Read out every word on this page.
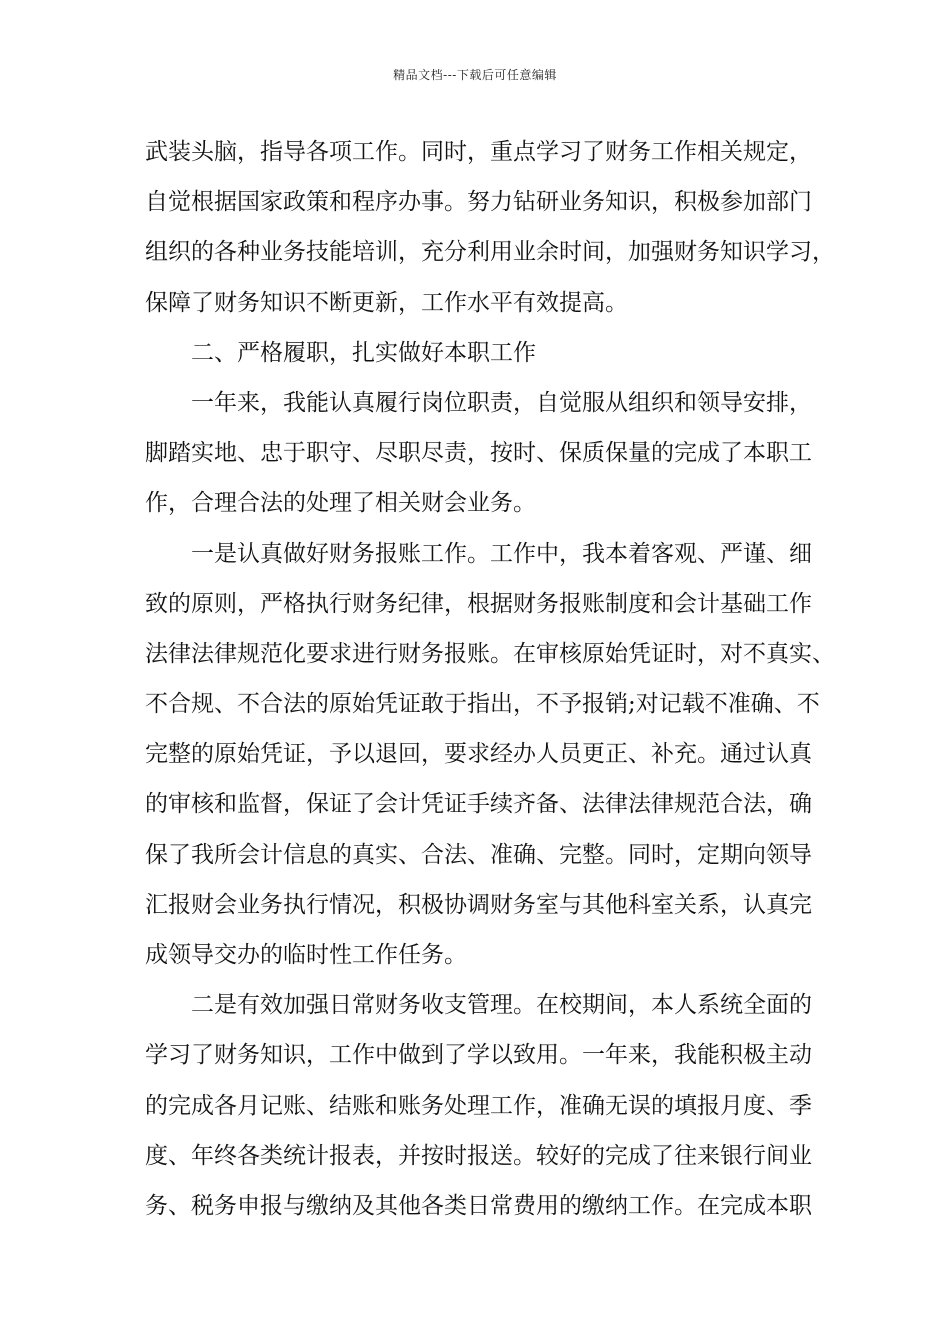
精品文档---下载后可任意编辑
武装头脑，指导各项工作。同时，重点学习了财务工作相关规定，
自觉根据国家政策和程序办事。努力钻研业务知识，积极参加部门
组织的各种业务技能培训，充分利用业余时间，加强财务知识学习，
保障了财务知识不断更新，工作水平有效提高。
二、严格履职，扎实做好本职工作
一年来，我能认真履行岗位职责，自觉服从组织和领导安排，
脚踏实地、忠于职守、尽职尽责，按时、保质保量的完成了本职工
作，合理合法的处理了相关财会业务。
一是认真做好财务报账工作。工作中，我本着客观、严谨、细
致的原则，严格执行财务纪律，根据财务报账制度和会计基础工作
法律法律规范化要求进行财务报账。在审核原始凭证时，对不真实、
不合规、不合法的原始凭证敢于指出，不予报销;对记载不准确、不
完整的原始凭证，予以退回，要求经办人员更正、补充。通过认真
的审核和监督，保证了会计凭证手续齐备、法律法律规范合法，确
保了我所会计信息的真实、合法、准确、完整。同时，定期向领导
汇报财会业务执行情况，积极协调财务室与其他科室关系，认真完
成领导交办的临时性工作任务。
二是有效加强日常财务收支管理。在校期间，本人系统全面的
学习了财务知识，工作中做到了学以致用。一年来，我能积极主动
的完成各月记账、结账和账务处理工作，准确无误的填报月度、季
度、年终各类统计报表，并按时报送。较好的完成了往来银行间业
务、税务申报与缴纳及其他各类日常费用的缴纳工作。在完成本职
